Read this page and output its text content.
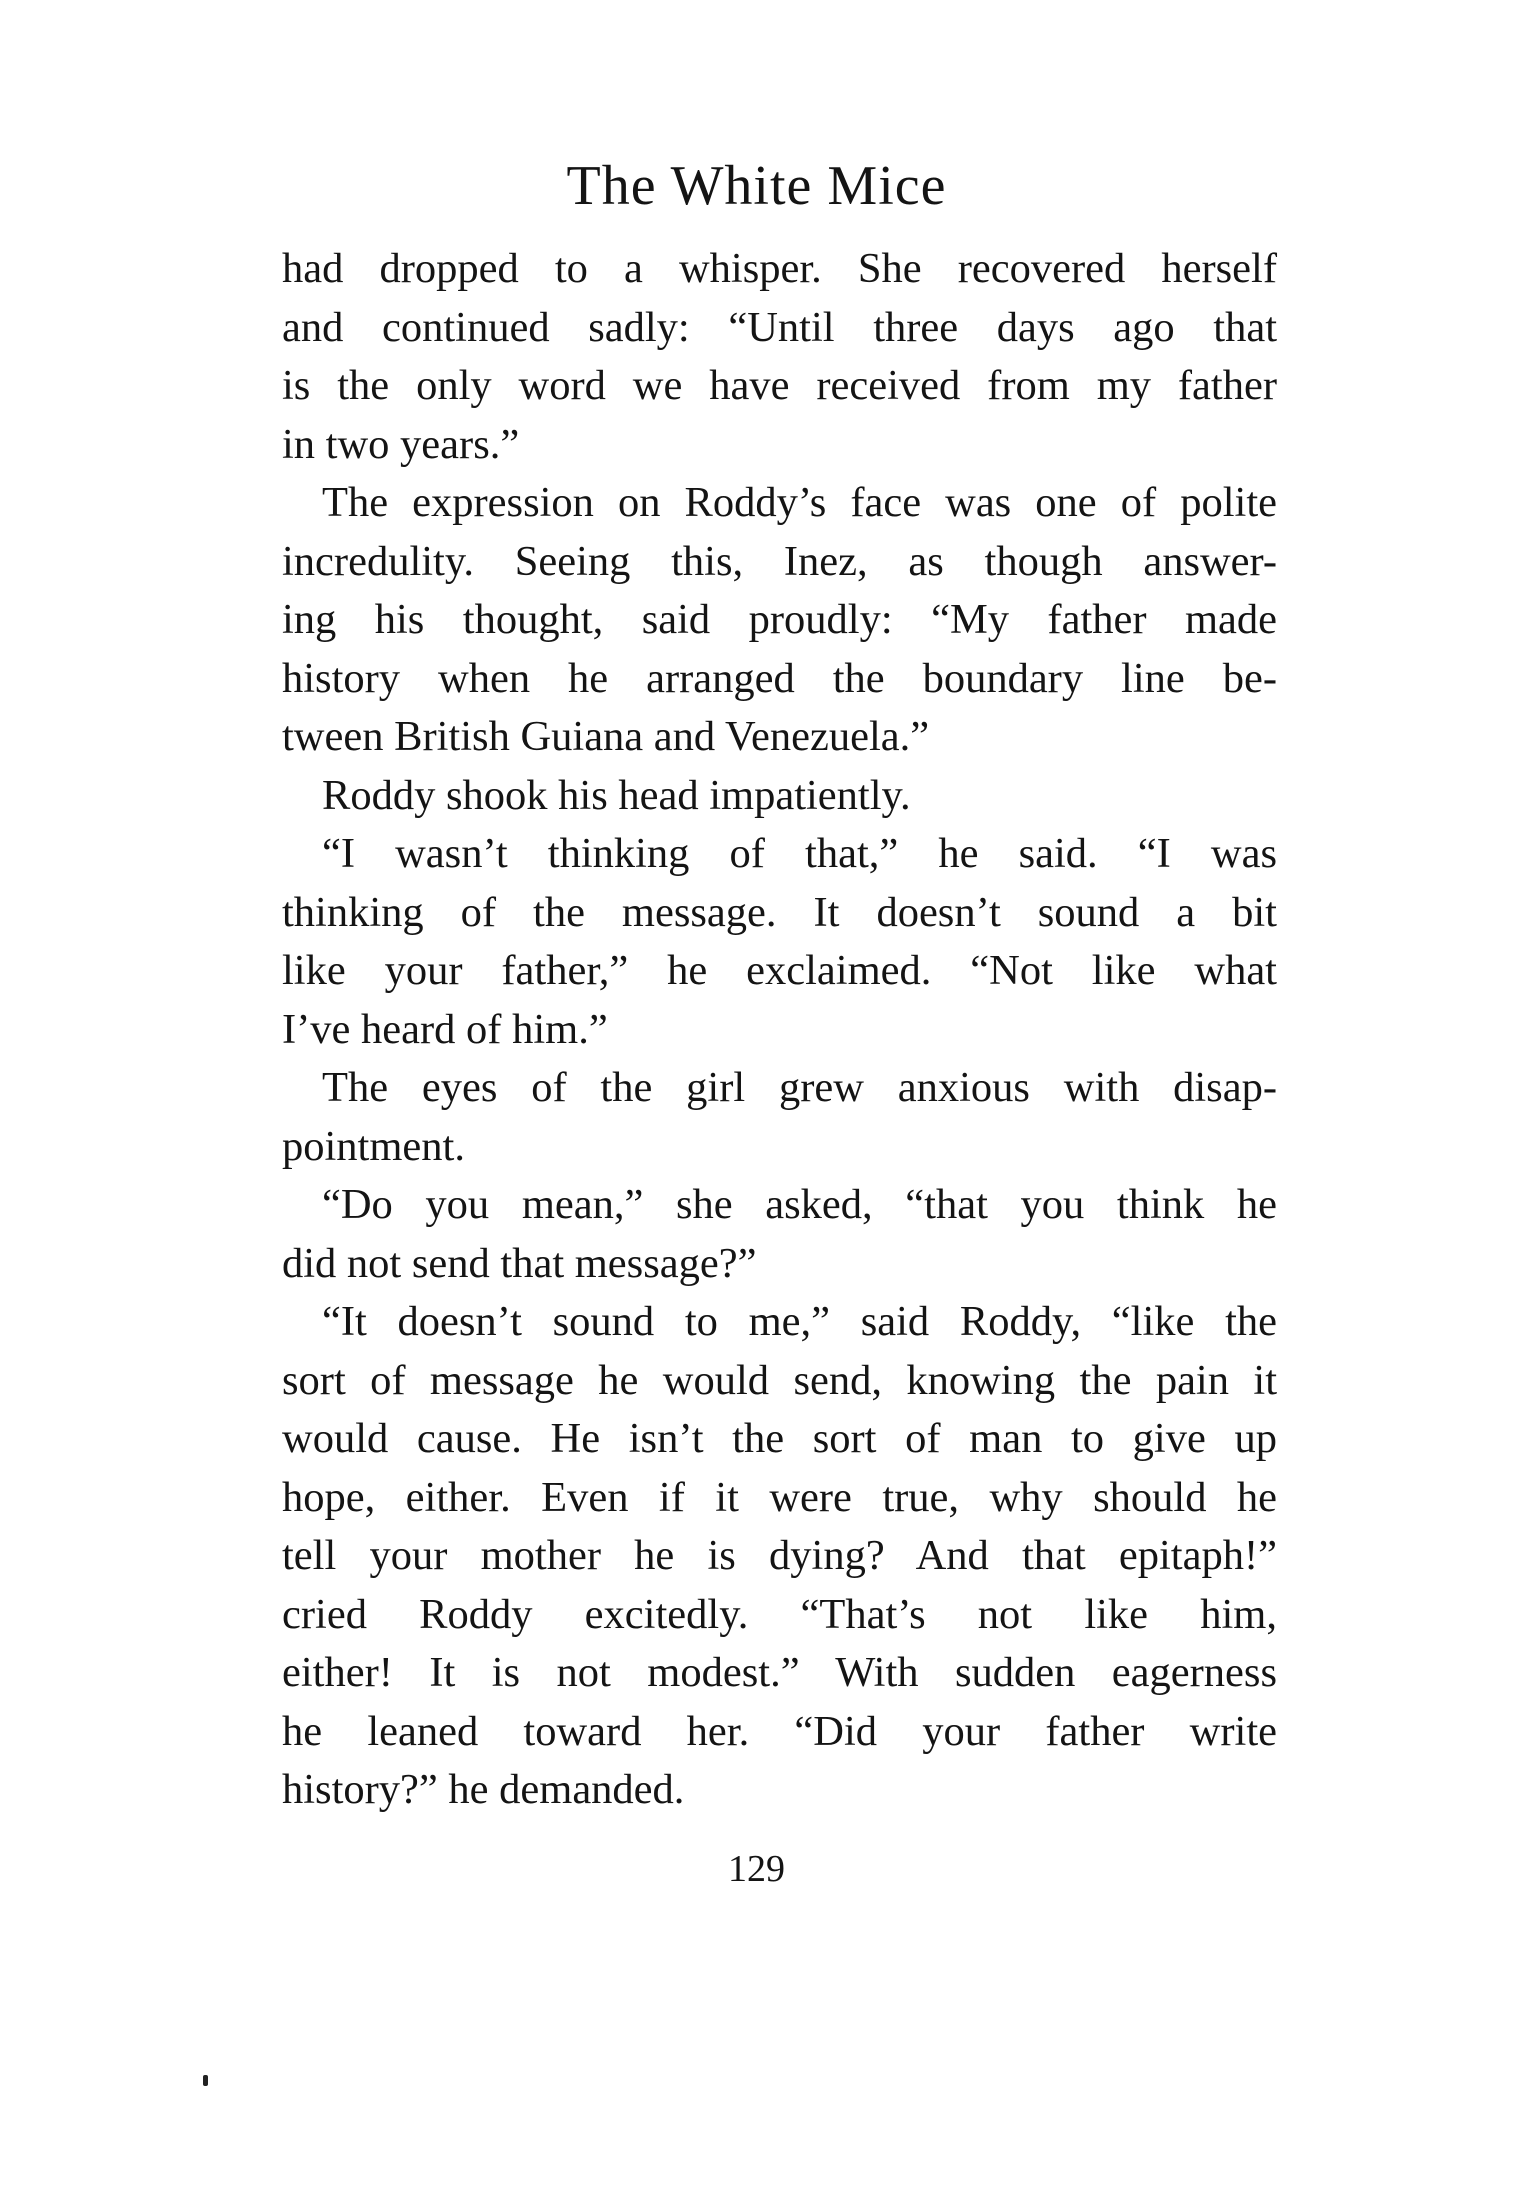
The White Mice
had dropped to a whisper. She recovered herself
and continued sadly: “Until three days ago that
is the only word we have received from my father
in two years.”
The expression on Roddy’s face was one of polite
incredulity. Seeing this, Inez, as though answer-
ing his thought, said proudly: “My father made
history when he arranged the boundary line be-
tween British Guiana and Venezuela.”
Roddy shook his head impatiently.
“I wasn’t thinking of that,” he said. “I was
thinking of the message. It doesn’t sound a bit
like your father,” he exclaimed. “Not like what
I’ve heard of him.”
The eyes of the girl grew anxious with disap-
pointment.
“Do you mean,” she asked, “that you think he
did not send that message?”
“It doesn’t sound to me,” said Roddy, “like the
sort of message he would send, knowing the pain it
would cause. He isn’t the sort of man to give up
hope, either. Even if it were true, why should he
tell your mother he is dying? And that epitaph!”
cried Roddy excitedly. “That’s not like him,
either! It is not modest.” With sudden eagerness
he leaned toward her. “Did your father write
history?” he demanded.
129
